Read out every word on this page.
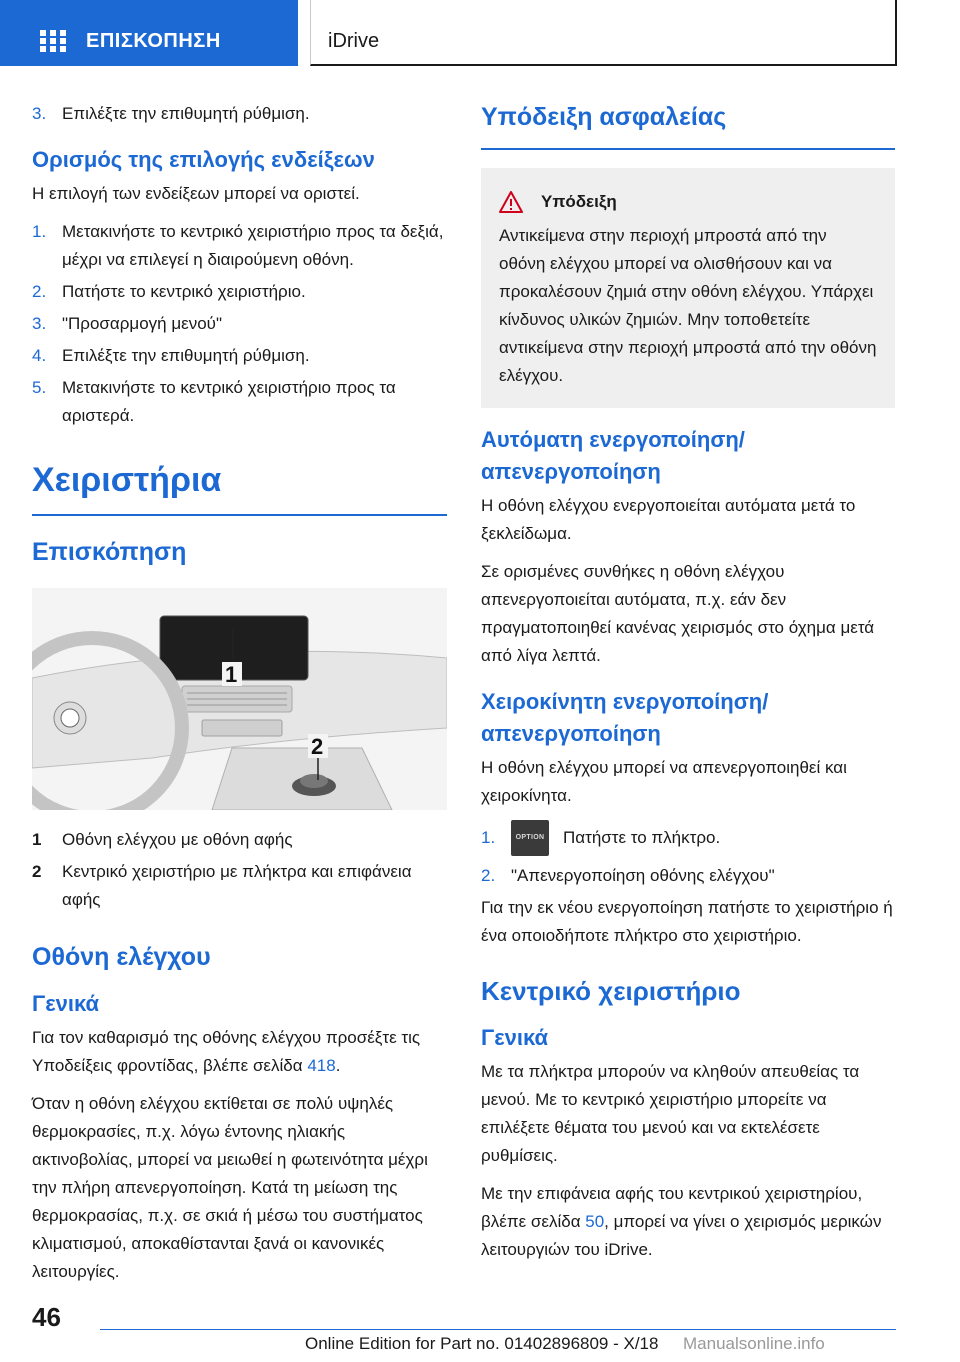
ΕΠΙΣΚΟΠΗΣΗ	iDrive
3. Επιλέξτε την επιθυμητή ρύθμιση.
Ορισμός της επιλογής ενδείξεων

Η επιλογή των ενδείξεων μπορεί να οριστεί.

1. Μετακινήστε το κεντρικό χειριστήριο προς τα δεξιά, μέχρι να επιλεγεί η διαιρούμενη οθόνη.
2. Πατήστε το κεντρικό χειριστήριο.
3. "Προσαρμογή μενού"
4. Επιλέξτε την επιθυμητή ρύθμιση.
5. Μετακινήστε το κεντρικό χειριστήριο προς τα αριστερά.
Χειριστήρια
Επισκόπηση
1
2
1	Οθόνη ελέγχου με οθόνη αφής
2	Κεντρικό χειριστήριο με πλήκτρα και επιφάνεια αφής
Οθόνη ελέγχου
Γενικά

Για τον καθαρισμό της οθόνης ελέγχου προσέξτε τις Υποδείξεις φροντίδας, βλέπε σελίδα 418.

Όταν η οθόνη ελέγχου εκτίθεται σε πολύ υψηλές θερμοκρασίες, π.χ. λόγω έντονης ηλιακής ακτινοβολίας, μπορεί να μειωθεί η φωτεινότητα μέχρι την πλήρη απενεργοποίηση. Κατά τη μείωση της θερμοκρασίας, π.χ. σε σκιά ή μέσω του συστήματος κλιματισμού, αποκαθίστανται ξανά οι κανονικές λειτουργίες.

Υπόδειξη ασφαλείας
Υπόδειξη
Αντικείμενα στην περιοχή μπροστά από την οθόνη ελέγχου μπορεί να ολισθήσουν και να προκαλέσουν ζημιά στην οθόνη ελέγχου. Υπάρχει κίνδυνος υλικών ζημιών. Μην τοποθετείτε αντικείμενα στην περιοχή μπροστά από την οθόνη ελέγχου.
Αυτόματη ενεργοποίηση/ απενεργοποίηση

Η οθόνη ελέγχου ενεργοποιείται αυτόματα μετά το ξεκλείδωμα.

Σε ορισμένες συνθήκες η οθόνη ελέγχου απενεργοποιείται αυτόματα, π.χ. εάν δεν πραγματοποιηθεί κανένας χειρισμός στο όχημα μετά από λίγα λεπτά.

Χειροκίνητη ενεργοποίηση/ απενεργοποίηση

Η οθόνη ελέγχου μπορεί να απενεργοποιηθεί και χειροκίνητα.

1.	OPTION Πατήστε το πλήκτρο.
2. "Απενεργοποίηση οθόνης ελέγχου"

Για την εκ νέου ενεργοποίηση πατήστε το χειριστήριο ή ένα οποιοδήποτε πλήκτρο στο χειριστήριο.

Κεντρικό χειριστήριο
Γενικά

Με τα πλήκτρα μπορούν να κληθούν απευθείας τα μενού. Με το κεντρικό χειριστήριο μπορείτε να επιλέξετε θέματα του μενού και να εκτελέσετε ρυθμίσεις.

Με την επιφάνεια αφής του κεντρικού χειριστηρίου, βλέπε σελίδα 50, μπορεί να γίνει ο χειρισμός μερικών λειτουργιών του iDrive.

46
Online Edition for Part no. 01402896809 - X/18 Manualsonline.info
